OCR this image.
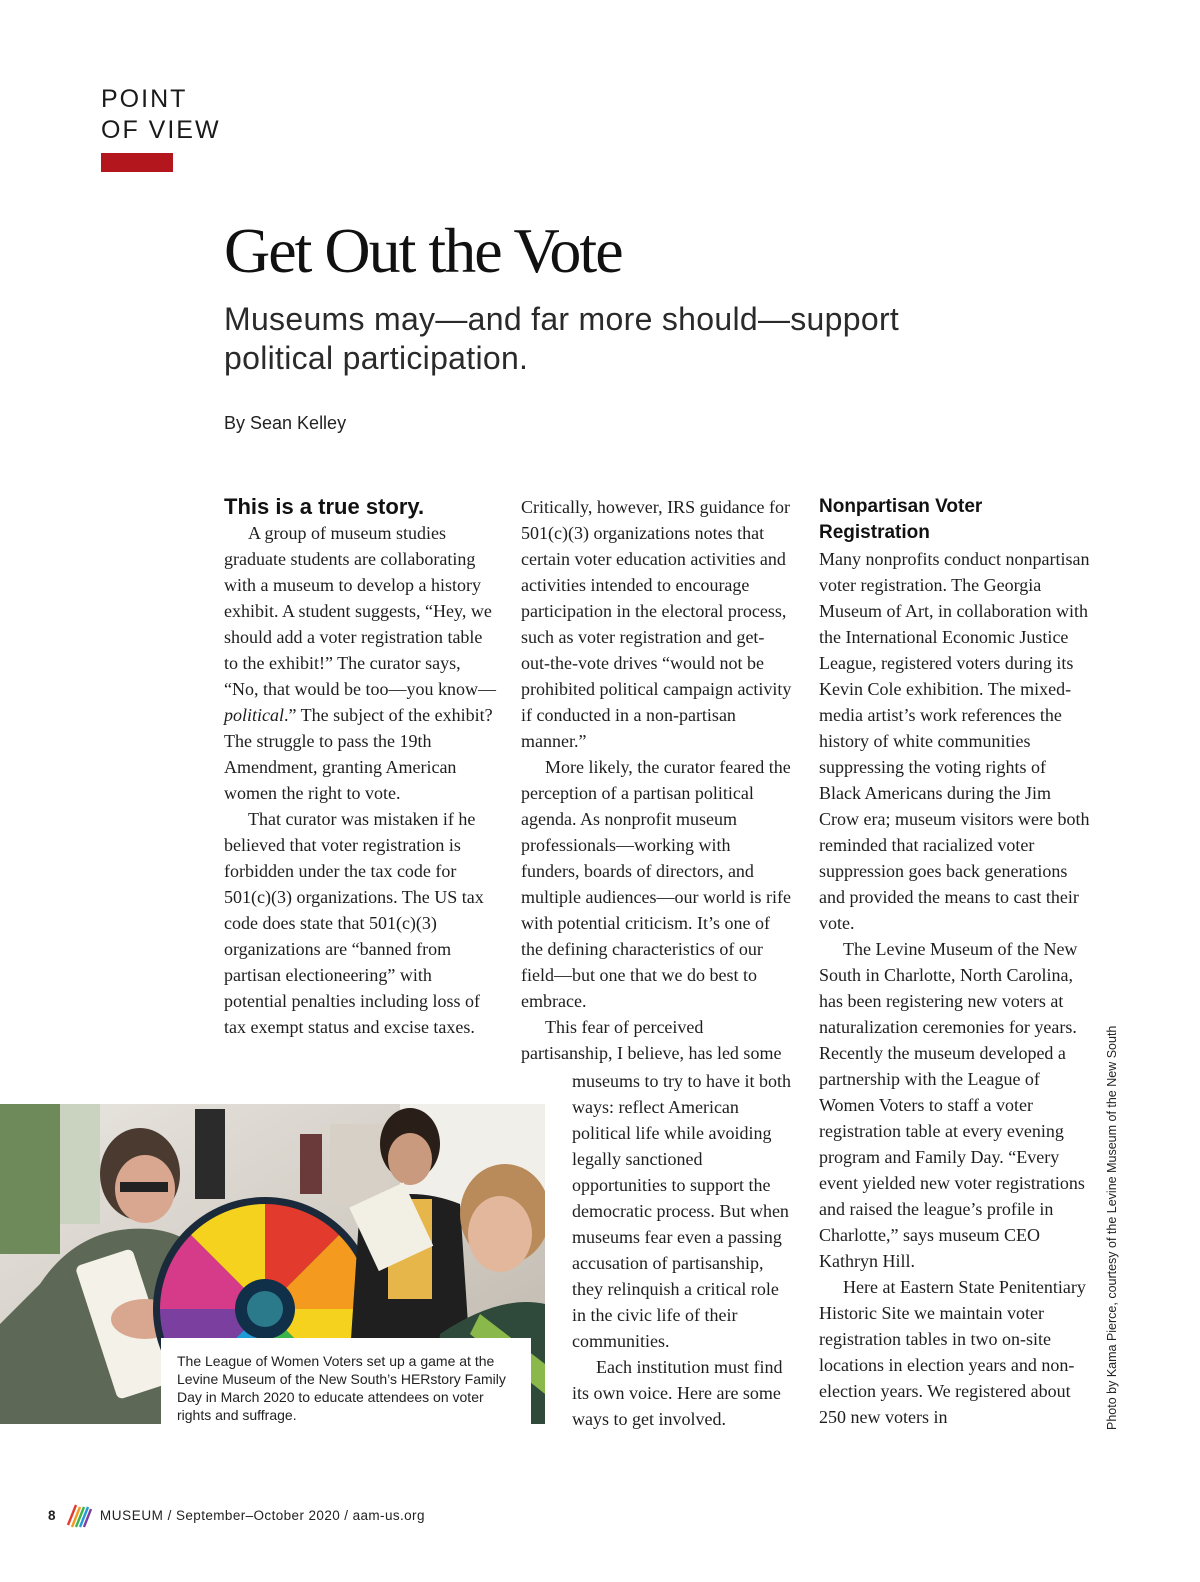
POINT
OF VIEW
Get Out the Vote
Museums may—and far more should—support political participation.
By Sean Kelley
This is a true story.

A group of museum studies graduate students are collaborating with a museum to develop a history exhibit. A student suggests, “Hey, we should add a voter registration table to the exhibit!” The curator says, “No, that would be too—you know—political.” The subject of the exhibit? The struggle to pass the 19th Amendment, granting American women the right to vote.

That curator was mistaken if he believed that voter registration is forbidden under the tax code for 501(c)(3) organizations. The US tax code does state that 501(c)(3) organizations are “banned from partisan electioneering” with potential penalties including loss of tax exempt status and excise taxes.

Critically, however, IRS guidance for 501(c)(3) organizations notes that certain voter education activities and activities intended to encourage participation in the electoral process, such as voter registration and get-out-the-vote drives “would not be prohibited political campaign activity if conducted in a non-partisan manner.”

More likely, the curator feared the perception of a partisan political agenda. As nonprofit museum professionals—working with funders, boards of directors, and multiple audiences—our world is rife with potential criticism. It’s one of the defining characteristics of our field—but one that we do best to embrace.

This fear of perceived partisanship, I believe, has led some

museums to try to have it both ways: reflect American political life while avoiding legally sanctioned opportunities to support the democratic process. But when museums fear even a passing accusation of partisanship, they relinquish a critical role in the civic life of their communities.

Each institution must find its own voice. Here are some ways to get involved.

Nonpartisan Voter Registration

Many nonprofits conduct nonpartisan voter registration. The Georgia Museum of Art, in collaboration with the International Economic Justice League, registered voters during its Kevin Cole exhibition. The mixed-media artist’s work references the history of white communities suppressing the voting rights of Black Americans during the Jim Crow era; museum visitors were both reminded that racialized voter suppression goes back generations and provided the means to cast their vote.

The Levine Museum of the New South in Charlotte, North Carolina, has been registering new voters at naturalization ceremonies for years. Recently the museum developed a partnership with the League of Women Voters to staff a voter registration table at every evening program and Family Day. “Every event yielded new voter registrations and raised the league’s profile in Charlotte,” says museum CEO Kathryn Hill.

Here at Eastern State Penitentiary Historic Site we maintain voter registration tables in two on-site locations in election years and non-election years. We registered about 250 new voters in

The League of Women Voters set up a game at the Levine Museum of the New South’s HERstory Family Day in March 2020 to educate attendees on voter rights and suffrage.	Photo by Kama Pierce, courtesy of the Levine Museum of the New South
8	MUSEUM / September–October 2020 / aam-us.org
